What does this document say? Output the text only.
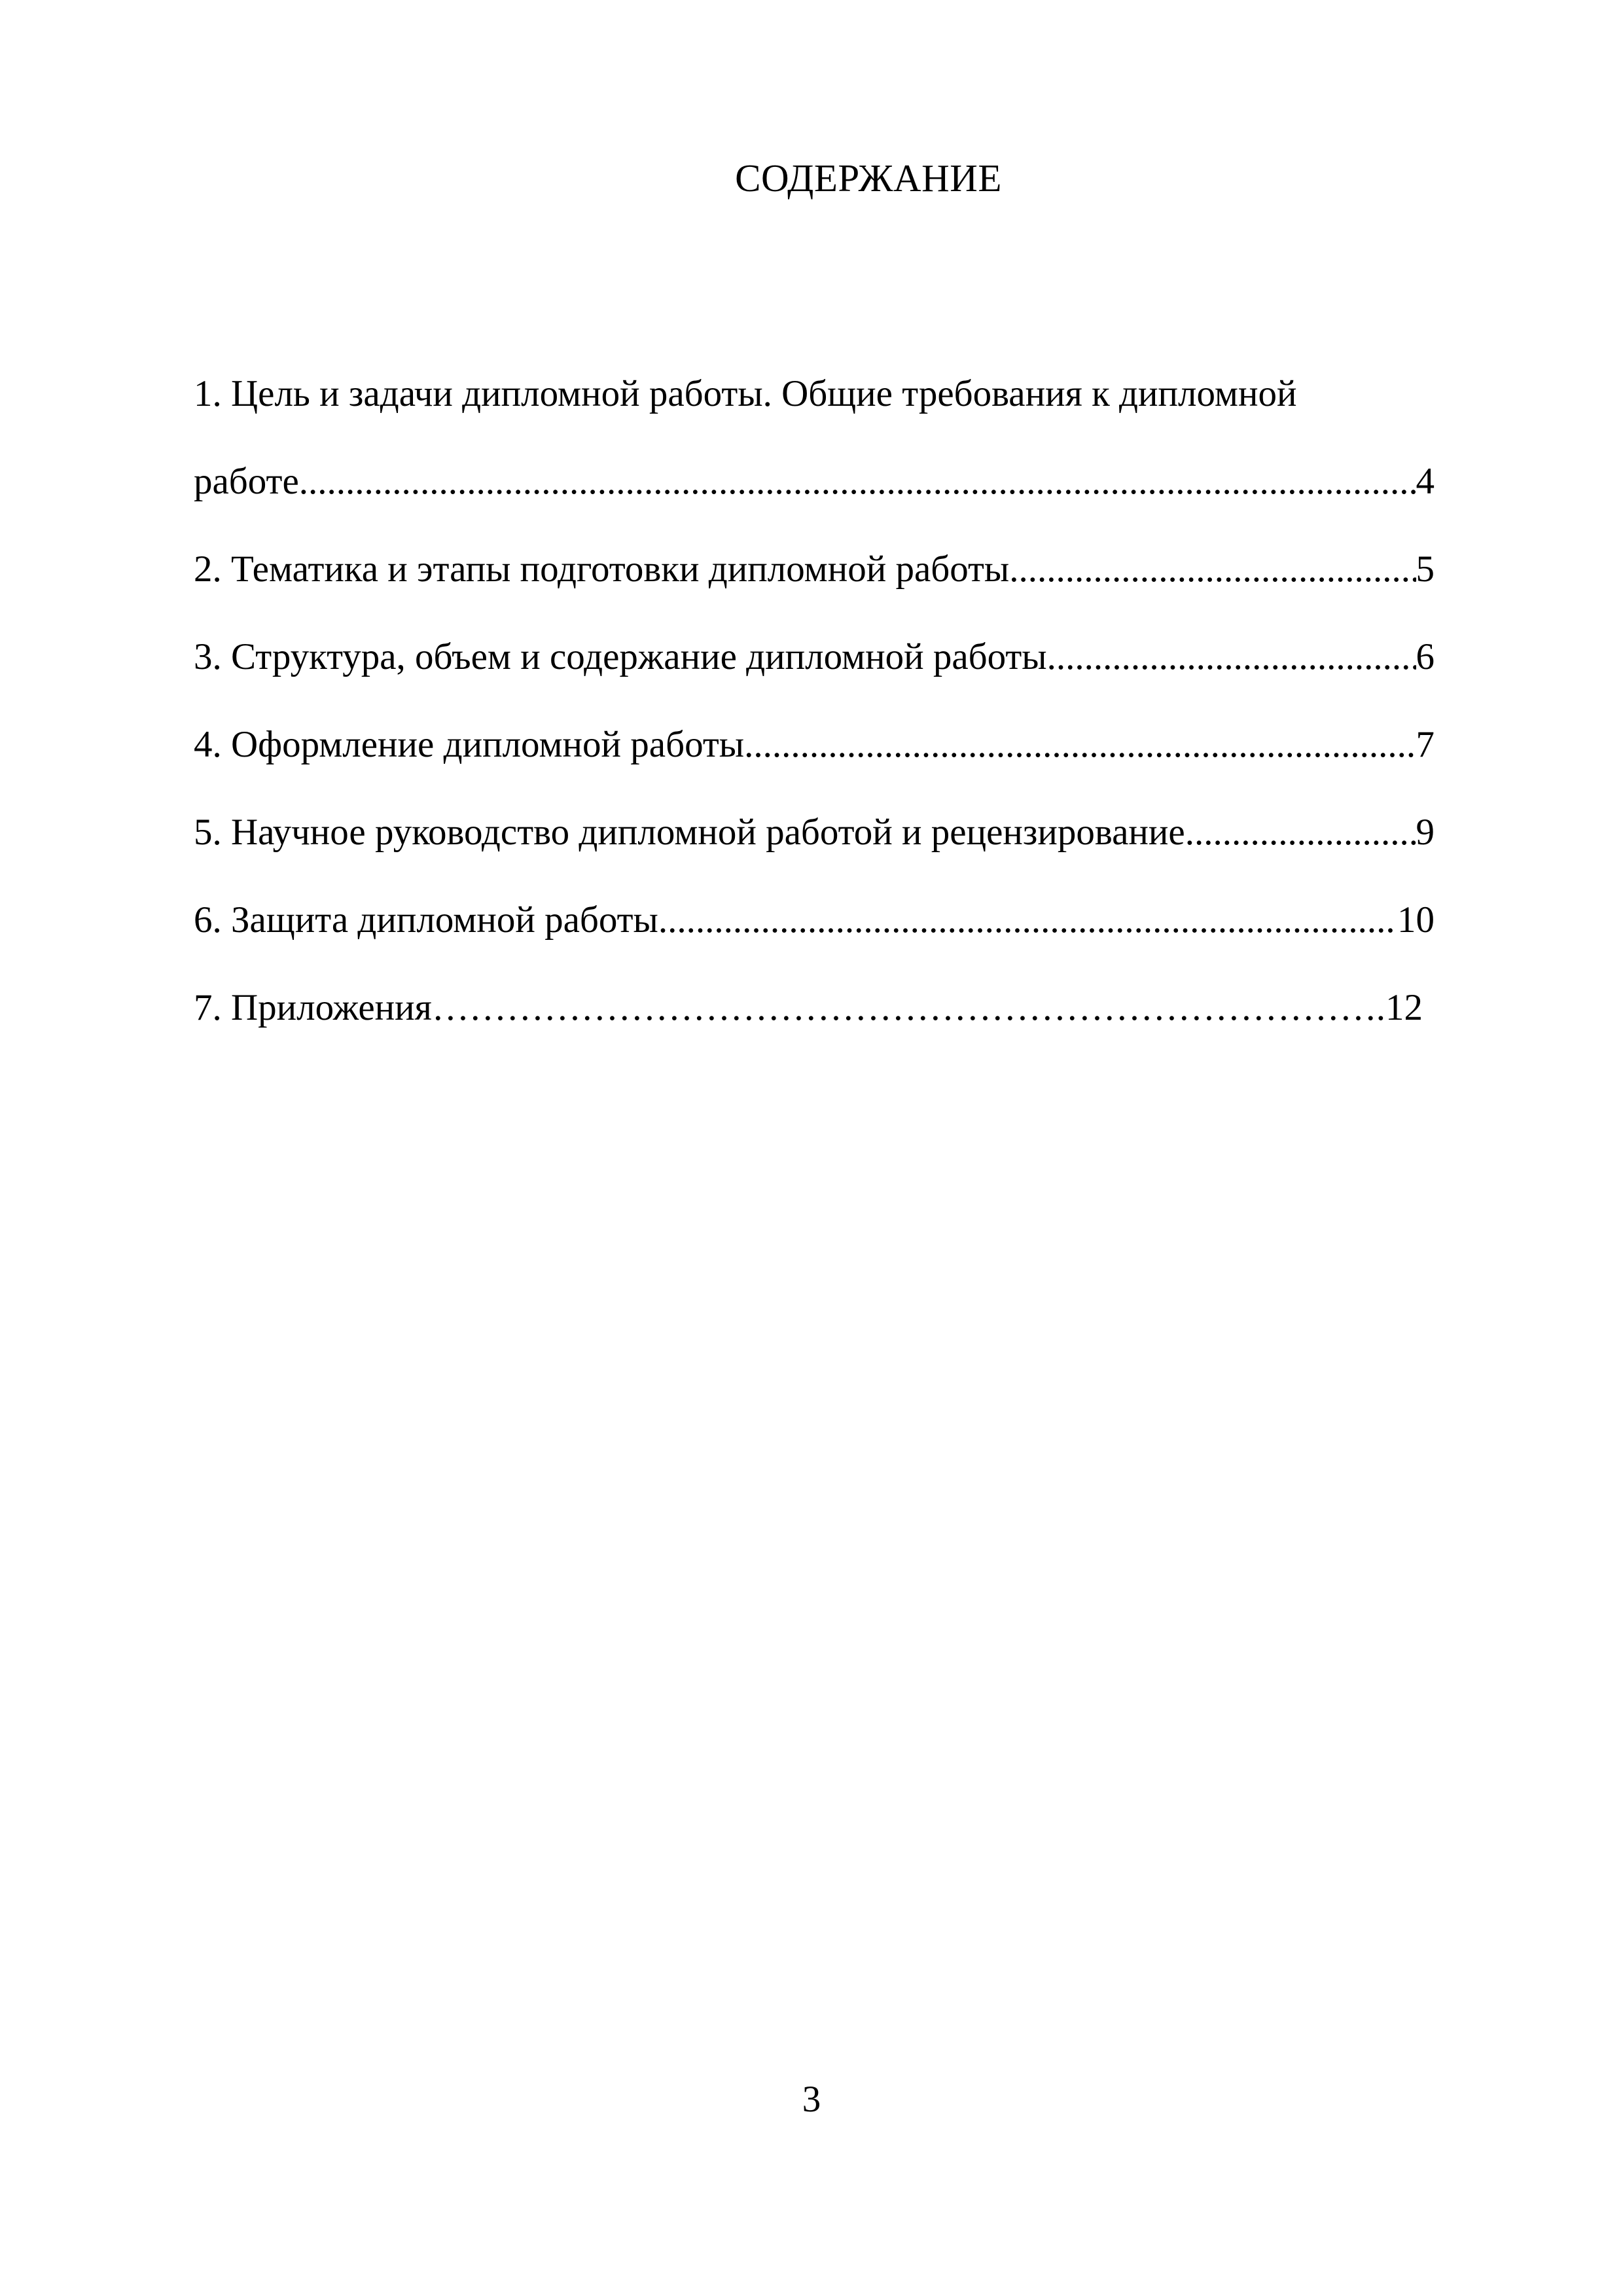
СОДЕРЖАНИЕ
1. Цель и задачи дипломной работы. Общие требования к дипломной
работе .....	4
2. Тематика и этапы подготовки дипломной работы .....	5
3. Структура, объем и содержание дипломной работы .....	6
4. Оформление дипломной работы .....	7
5. Научное руководство дипломной работой и рецензирование .....	9
6. Защита дипломной работы .....	10
7. Приложения ………………………………………………………………………………………………………………………………………………	.12
3
